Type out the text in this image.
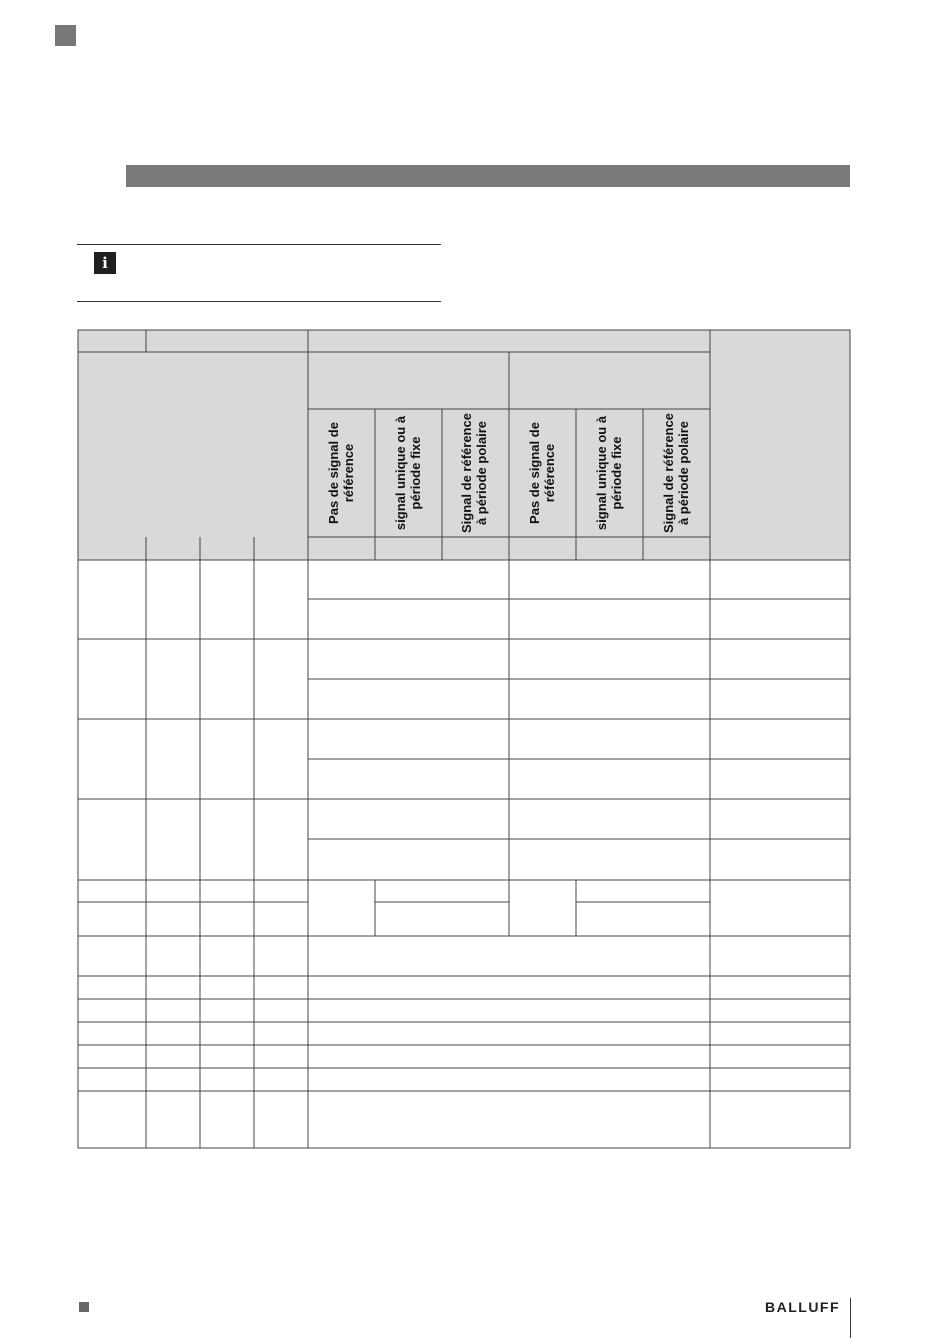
i
Pas de signal de référence	signal unique ou à période fixe	Signal de référence à période polaire	Pas de signal de référence	signal unique ou à période fixe	Signal de référence à période polaire
BALLUFF
